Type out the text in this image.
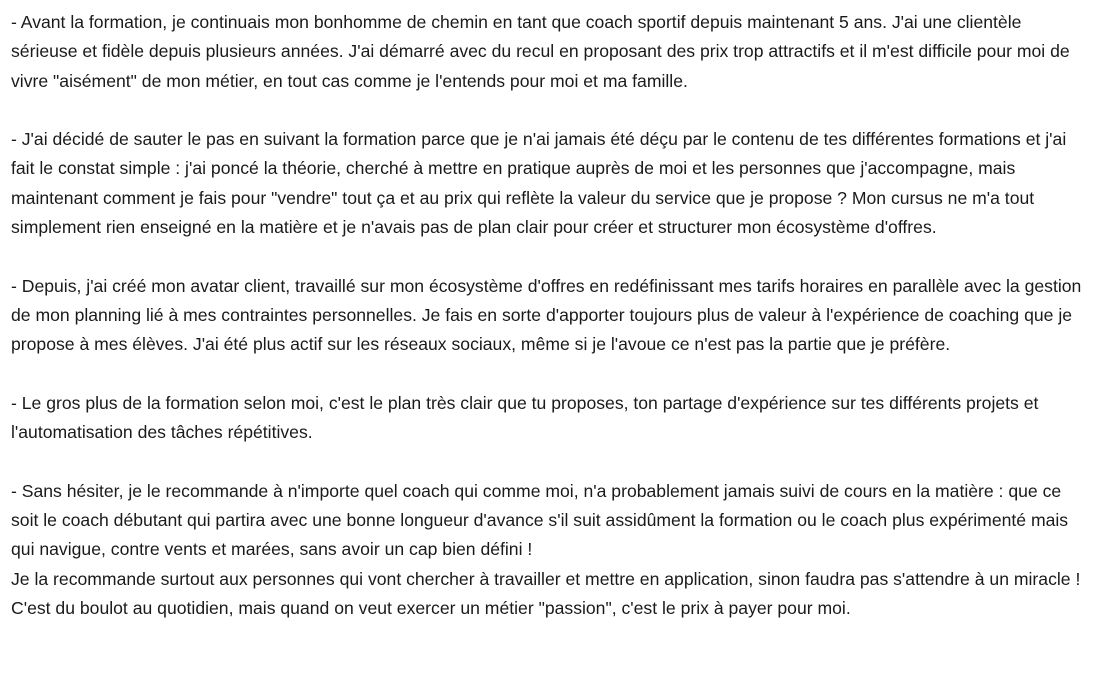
- Avant la formation, je continuais mon bonhomme de chemin en tant que coach sportif depuis maintenant 5 ans. J'ai une clientèle sérieuse et fidèle depuis plusieurs années. J'ai démarré avec du recul en proposant des prix trop attractifs et il m'est difficile pour moi de vivre "aisément" de mon métier, en tout cas comme je l'entends pour moi et ma famille.

- J'ai décidé de sauter le pas en suivant la formation parce que je n'ai jamais été déçu par le contenu de tes différentes formations et j'ai fait le constat simple : j'ai poncé la théorie, cherché à mettre en pratique auprès de moi et les personnes que j'accompagne, mais maintenant comment je fais pour "vendre" tout ça et au prix qui reflète la valeur du service que je propose ? Mon cursus ne m'a tout simplement rien enseigné en la matière et je n'avais pas de plan clair pour créer et structurer mon écosystème d'offres.

- Depuis, j'ai créé mon avatar client, travaillé sur mon écosystème d'offres en redéfinissant mes tarifs horaires en parallèle avec la gestion de mon planning lié à mes contraintes personnelles. Je fais en sorte d'apporter toujours plus de valeur à l'expérience de coaching que je propose à mes élèves. J'ai été plus actif sur les réseaux sociaux, même si je l'avoue ce n'est pas la partie que je préfère.

- Le gros plus de la formation selon moi, c'est le plan très clair que tu proposes, ton partage d'expérience sur tes différents projets et l'automatisation des tâches répétitives.

- Sans hésiter, je le recommande à n'importe quel coach qui comme moi, n'a probablement jamais suivi de cours en la matière : que ce soit le coach débutant qui partira avec une bonne longueur d'avance s'il suit assidûment la formation ou le coach plus expérimenté mais qui navigue, contre vents et marées, sans avoir un cap bien défini !

Je la recommande surtout aux personnes qui vont chercher à travailler et mettre en application, sinon faudra pas s'attendre à un miracle ! C'est du boulot au quotidien, mais quand on veut exercer un métier "passion", c'est le prix à payer pour moi.
